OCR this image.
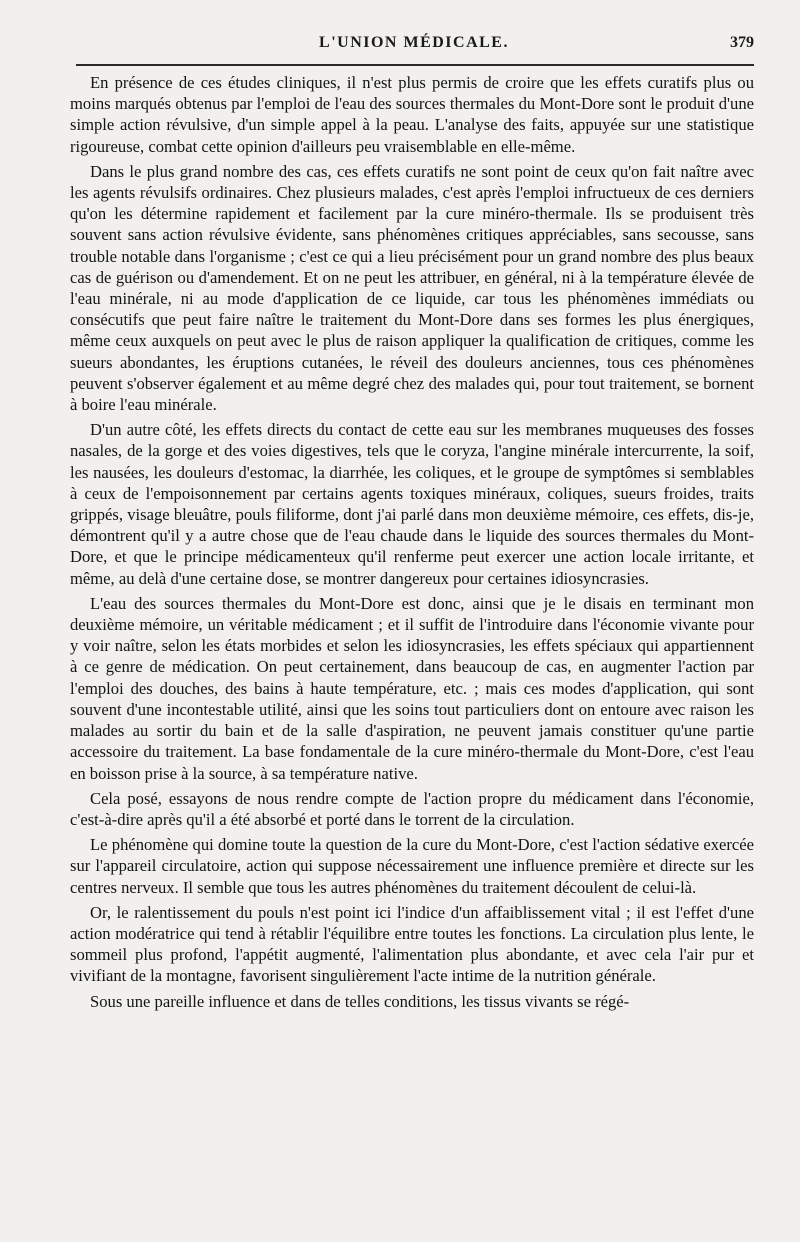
L'UNION MÉDICALE.	379

En présence de ces études cliniques, il n'est plus permis de croire que les effets curatifs plus ou moins marqués obtenus par l'emploi de l'eau des sources thermales du Mont-Dore sont le produit d'une simple action révulsive, d'un simple appel à la peau. L'analyse des faits, appuyée sur une statistique rigoureuse, combat cette opinion d'ailleurs peu vraisemblable en elle-même.

Dans le plus grand nombre des cas, ces effets curatifs ne sont point de ceux qu'on fait naître avec les agents révulsifs ordinaires. Chez plusieurs malades, c'est après l'emploi infructueux de ces derniers qu'on les détermine rapidement et facilement par la cure minéro-thermale. Ils se produisent très souvent sans action révulsive évidente, sans phénomènes critiques appréciables, sans secousse, sans trouble notable dans l'organisme ; c'est ce qui a lieu précisément pour un grand nombre des plus beaux cas de guérison ou d'amendement. Et on ne peut les attribuer, en général, ni à la température élevée de l'eau minérale, ni au mode d'application de ce liquide, car tous les phénomènes immédiats ou consécutifs que peut faire naître le traitement du Mont-Dore dans ses formes les plus énergiques, même ceux auxquels on peut avec le plus de raison appliquer la qualification de critiques, comme les sueurs abondantes, les éruptions cutanées, le réveil des douleurs anciennes, tous ces phénomènes peuvent s'observer également et au même degré chez des malades qui, pour tout traitement, se bornent à boire l'eau minérale.

D'un autre côté, les effets directs du contact de cette eau sur les membranes muqueuses des fosses nasales, de la gorge et des voies digestives, tels que le coryza, l'angine minérale intercurrente, la soif, les nausées, les douleurs d'estomac, la diarrhée, les coliques, et le groupe de symptômes si semblables à ceux de l'empoisonnement par certains agents toxiques minéraux, coliques, sueurs froides, traits grippés, visage bleuâtre, pouls filiforme, dont j'ai parlé dans mon deuxième mémoire, ces effets, dis-je, démontrent qu'il y a autre chose que de l'eau chaude dans le liquide des sources thermales du Mont-Dore, et que le principe médicamenteux qu'il renferme peut exercer une action locale irritante, et même, au delà d'une certaine dose, se montrer dangereux pour certaines idiosyncrasies.

L'eau des sources thermales du Mont-Dore est donc, ainsi que je le disais en terminant mon deuxième mémoire, un véritable médicament ; et il suffit de l'introduire dans l'économie vivante pour y voir naître, selon les états morbides et selon les idiosyncrasies, les effets spéciaux qui appartiennent à ce genre de médication. On peut certainement, dans beaucoup de cas, en augmenter l'action par l'emploi des douches, des bains à haute température, etc. ; mais ces modes d'application, qui sont souvent d'une incontestable utilité, ainsi que les soins tout particuliers dont on entoure avec raison les malades au sortir du bain et de la salle d'aspiration, ne peuvent jamais constituer qu'une partie accessoire du traitement. La base fondamentale de la cure minéro-thermale du Mont-Dore, c'est l'eau en boisson prise à la source, à sa température native.

Cela posé, essayons de nous rendre compte de l'action propre du médicament dans l'économie, c'est-à-dire après qu'il a été absorbé et porté dans le torrent de la circulation.

Le phénomène qui domine toute la question de la cure du Mont-Dore, c'est l'action sédative exercée sur l'appareil circulatoire, action qui suppose nécessairement une influence première et directe sur les centres nerveux. Il semble que tous les autres phénomènes du traitement découlent de celui-là.

Or, le ralentissement du pouls n'est point ici l'indice d'un affaiblissement vital ; il est l'effet d'une action modératrice qui tend à rétablir l'équilibre entre toutes les fonctions. La circulation plus lente, le sommeil plus profond, l'appétit augmenté, l'alimentation plus abondante, et avec cela l'air pur et vivifiant de la montagne, favorisent singulièrement l'acte intime de la nutrition générale.

Sous une pareille influence et dans de telles conditions, les tissus vivants se régé-
